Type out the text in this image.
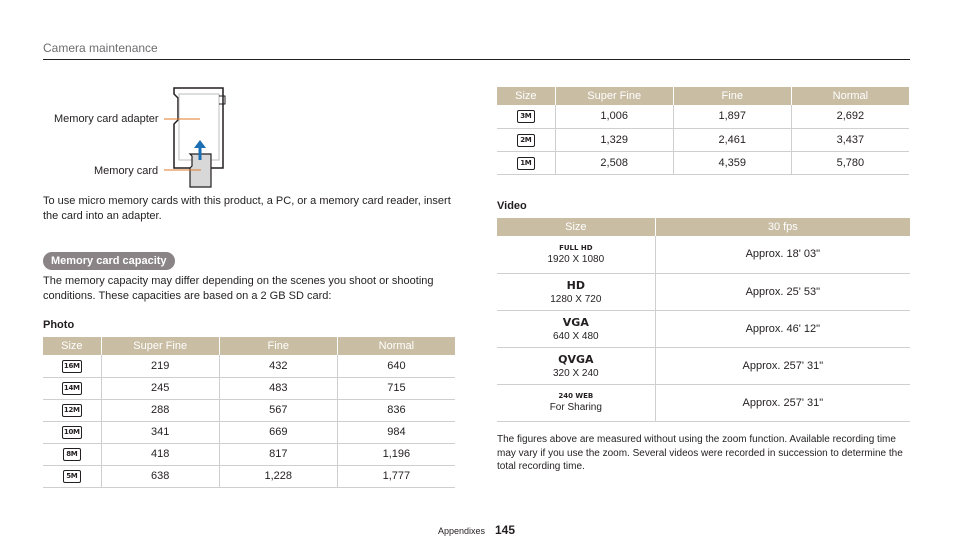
Camera maintenance
Memory card adapter
Memory card
To use micro memory cards with this product, a PC, or a memory card reader, insert the card into an adapter.
Memory card capacity
The memory capacity may differ depending on the scenes you shoot or shooting conditions. These capacities are based on a 2 GB SD card:
Photo
Size	Super Fine	Fine	Normal
16M	219	432	640
14M	245	483	715
12M	288	567	836
10M	341	669	984
8M	418	817	1,196
5M	638	1,228	1,777
Size	Super Fine	Fine	Normal
3M	1,006	1,897	2,692
2M	1,329	2,461	3,437
1M	2,508	4,359	5,780
Video
Size	30 fps

FULL HD
1920 X 1080	Approx. 18' 03"

HD
1280 X 720	Approx. 25' 53"

VGA
640 X 480	Approx. 46' 12"

QVGA
320 X 240	Approx. 257' 31"

240 WEB
For Sharing	Approx. 257' 31"
The figures above are measured without using the zoom function. Available recording time may vary if you use the zoom. Several videos were recorded in succession to determine the total recording time.
Appendixes 145
